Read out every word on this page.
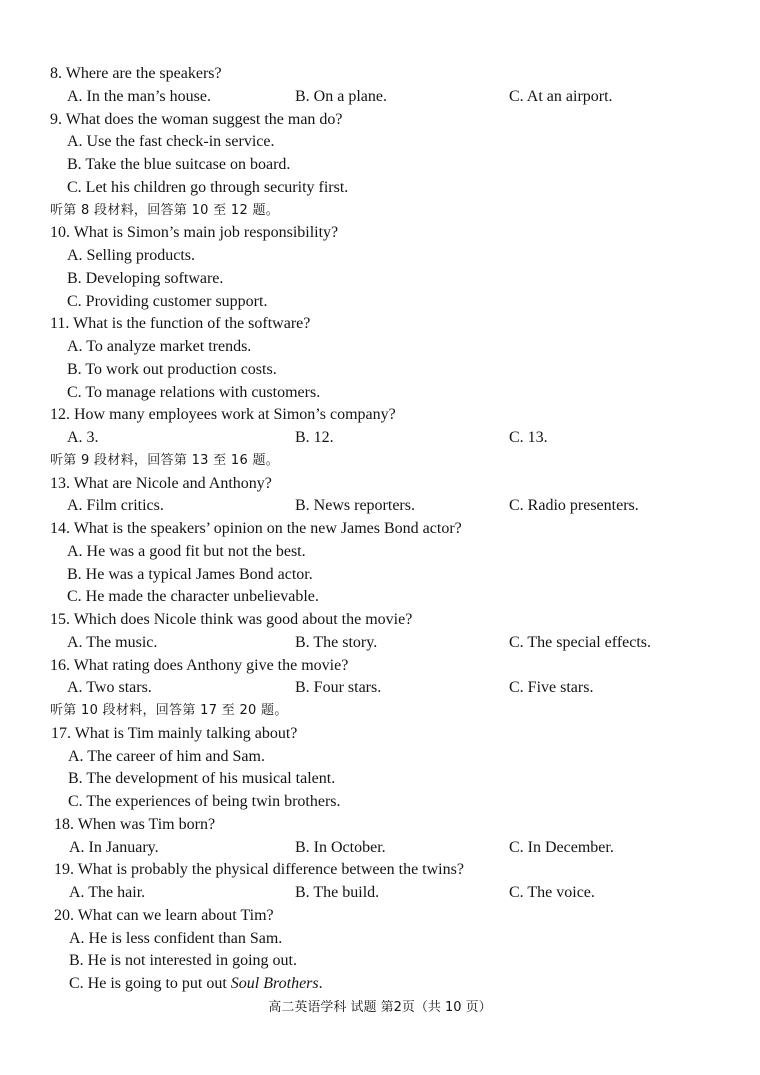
8. Where are the speakers?
A. In the man’s house.	B. On a plane.	C. At an airport.
9. What does the woman suggest the man do?
A. Use the fast check-in service.
B. Take the blue suitcase on board.
C. Let his children go through security first.
听第 8 段材料，回答第 10 至 12 题。
10. What is Simon’s main job responsibility?
A. Selling products.
B. Developing software.
C. Providing customer support.
11. What is the function of the software?
A. To analyze market trends.
B. To work out production costs.
C. To manage relations with customers.
12. How many employees work at Simon’s company?
A. 3.	B. 12.	C. 13.
听第 9 段材料，回答第 13 至 16 题。
13. What are Nicole and Anthony?
A. Film critics.	B. News reporters.	C. Radio presenters.
14. What is the speakers’ opinion on the new James Bond actor?
A. He was a good fit but not the best.
B. He was a typical James Bond actor.
C. He made the character unbelievable.
15. Which does Nicole think was good about the movie?
A. The music.	B. The story.	C. The special effects.
16. What rating does Anthony give the movie?
A. Two stars.	B. Four stars.	C. Five stars.
听第 10 段材料，回答第 17 至 20 题。
17. What is Tim mainly talking about?
A. The career of him and Sam.
B. The development of his musical talent.
C. The experiences of being twin brothers.
18. When was Tim born?
A. In January.	B. In October.	C. In December.
19. What is probably the physical difference between the twins?
A. The hair.	B. The build.	C. The voice.
20. What can we learn about Tim?
A. He is less confident than Sam.
B. He is not interested in going out.
C. He is going to put out Soul Brothers.
高二英语学科 试题 第2页（共 10 页）
